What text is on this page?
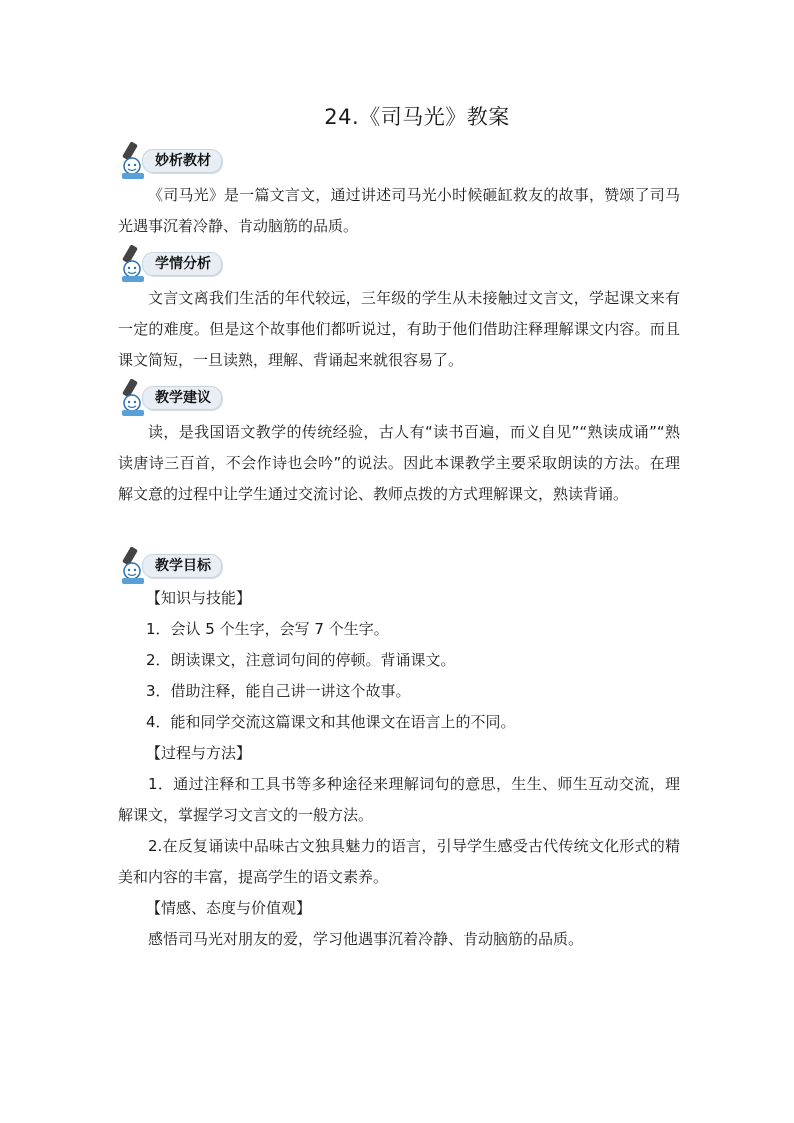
24.《司马光》教案
妙析教材

《司马光》是一篇文言文，通过讲述司马光小时候砸缸救友的故事，赞颂了司马光遇事沉着冷静、肯动脑筋的品质。

学情分析

文言文离我们生活的年代较远，三年级的学生从未接触过文言文，学起课文来有一定的难度。但是这个故事他们都听说过，有助于他们借助注释理解课文内容。而且课文简短，一旦读熟，理解、背诵起来就很容易了。

教学建议

读，是我国语文教学的传统经验，古人有“读书百遍，而义自见”“熟读成诵”“熟读唐诗三百首，不会作诗也会吟”的说法。因此本课教学主要采取朗读的方法。在理解文意的过程中让学生通过交流讨论、教师点拨的方式理解课文，熟读背诵。

教学目标

【知识与技能】

1．会认 5 个生字，会写 7 个生字。

2．朗读课文，注意词句间的停顿。背诵课文。

3．借助注释，能自己讲一讲这个故事。

4．能和同学交流这篇课文和其他课文在语言上的不同。

【过程与方法】

1．通过注释和工具书等多种途径来理解词句的意思，生生、师生互动交流，理解课文，掌握学习文言文的一般方法。

2.在反复诵读中品味古文独具魅力的语言，引导学生感受古代传统文化形式的精美和内容的丰富，提高学生的语文素养。

【情感、态度与价值观】

感悟司马光对朋友的爱，学习他遇事沉着冷静、肯动脑筋的品质。
